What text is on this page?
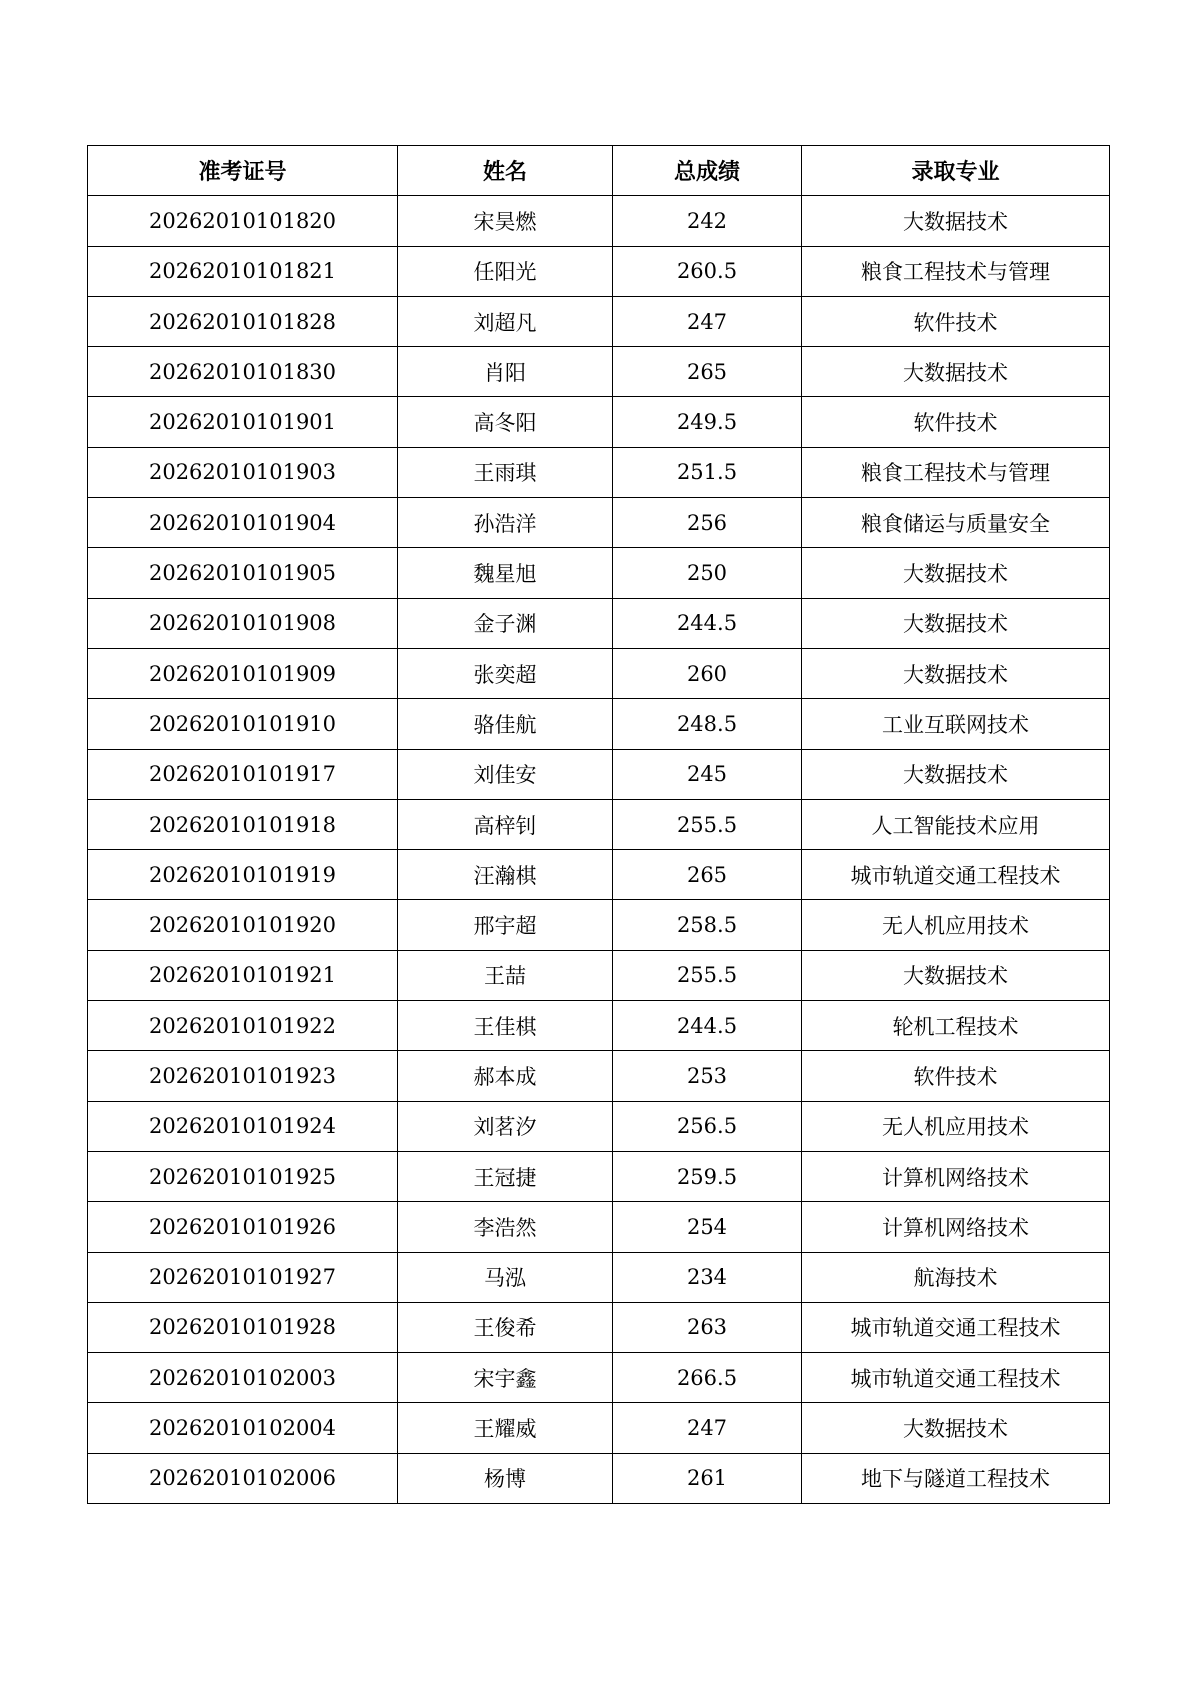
准考证号	姓名	总成绩	录取专业
20262010101820	宋昊燃	242	大数据技术
20262010101821	任阳光	260.5	粮食工程技术与管理
20262010101828	刘超凡	247	软件技术
20262010101830	肖阳	265	大数据技术
20262010101901	高冬阳	249.5	软件技术
20262010101903	王雨琪	251.5	粮食工程技术与管理
20262010101904	孙浩洋	256	粮食储运与质量安全
20262010101905	魏星旭	250	大数据技术
20262010101908	金子渊	244.5	大数据技术
20262010101909	张奕超	260	大数据技术
20262010101910	骆佳航	248.5	工业互联网技术
20262010101917	刘佳安	245	大数据技术
20262010101918	高梓钊	255.5	人工智能技术应用
20262010101919	汪瀚棋	265	城市轨道交通工程技术
20262010101920	邢宇超	258.5	无人机应用技术
20262010101921	王喆	255.5	大数据技术
20262010101922	王佳棋	244.5	轮机工程技术
20262010101923	郝本成	253	软件技术
20262010101924	刘茗汐	256.5	无人机应用技术
20262010101925	王冠捷	259.5	计算机网络技术
20262010101926	李浩然	254	计算机网络技术
20262010101927	马泓	234	航海技术
20262010101928	王俊希	263	城市轨道交通工程技术
20262010102003	宋宇鑫	266.5	城市轨道交通工程技术
20262010102004	王耀威	247	大数据技术
20262010102006	杨博	261	地下与隧道工程技术
